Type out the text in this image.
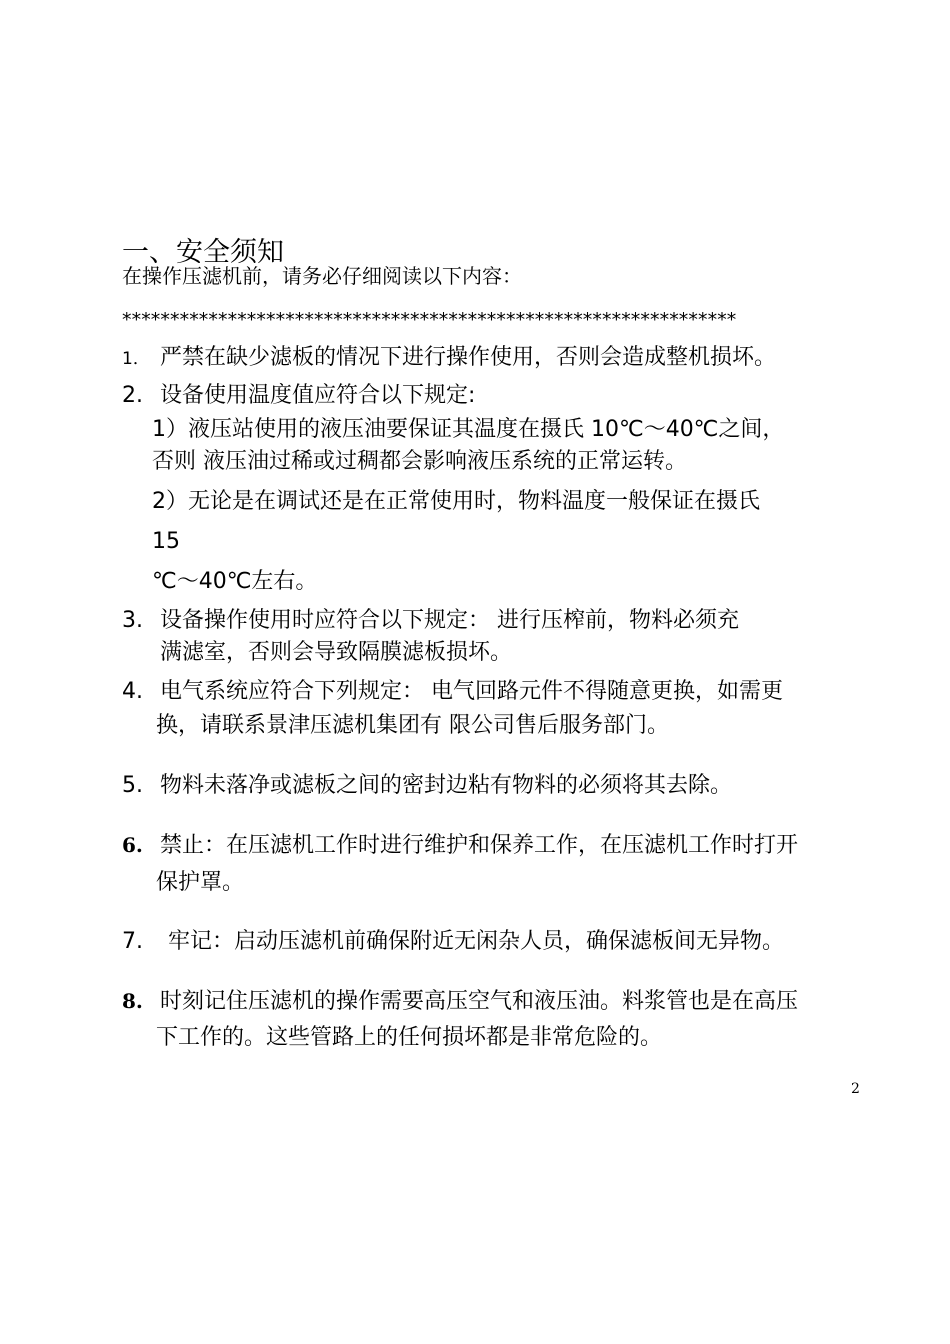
一、安全须知
在操作压滤机前，请务必仔细阅读以下内容：
****************************************************************
1． 严禁在缺少滤板的情况下进行操作使用，否则会造成整机损坏。
2. 设备使用温度值应符合以下规定:
1）液压站使用的液压油要保证其温度在摄氏 10℃～40℃之间，
否则 液压油过稀或过稠都会影响液压系统的正常运转。
2）无论是在调试还是在正常使用时，物料温度一般保证在摄氏
15
℃～40℃左右。
3. 设备操作使用时应符合以下规定： 进行压榨前，物料必须充
满滤室，否则会导致隔膜滤板损坏。
4. 电气系统应符合下列规定： 电气回路元件不得随意更换，如需更
换，请联系景津压滤机集团有 限公司售后服务部门。
5. 物料未落净或滤板之间的密封边粘有物料的必须将其去除。
6. 禁止：在压滤机工作时进行维护和保养工作，在压滤机工作时打开
保护罩。
7. 牢记：启动压滤机前确保附近无闲杂人员，确保滤板间无异物。
8. 时刻记住压滤机的操作需要高压空气和液压油。料浆管也是在高压
下工作的。这些管路上的任何损坏都是非常危险的。
2
